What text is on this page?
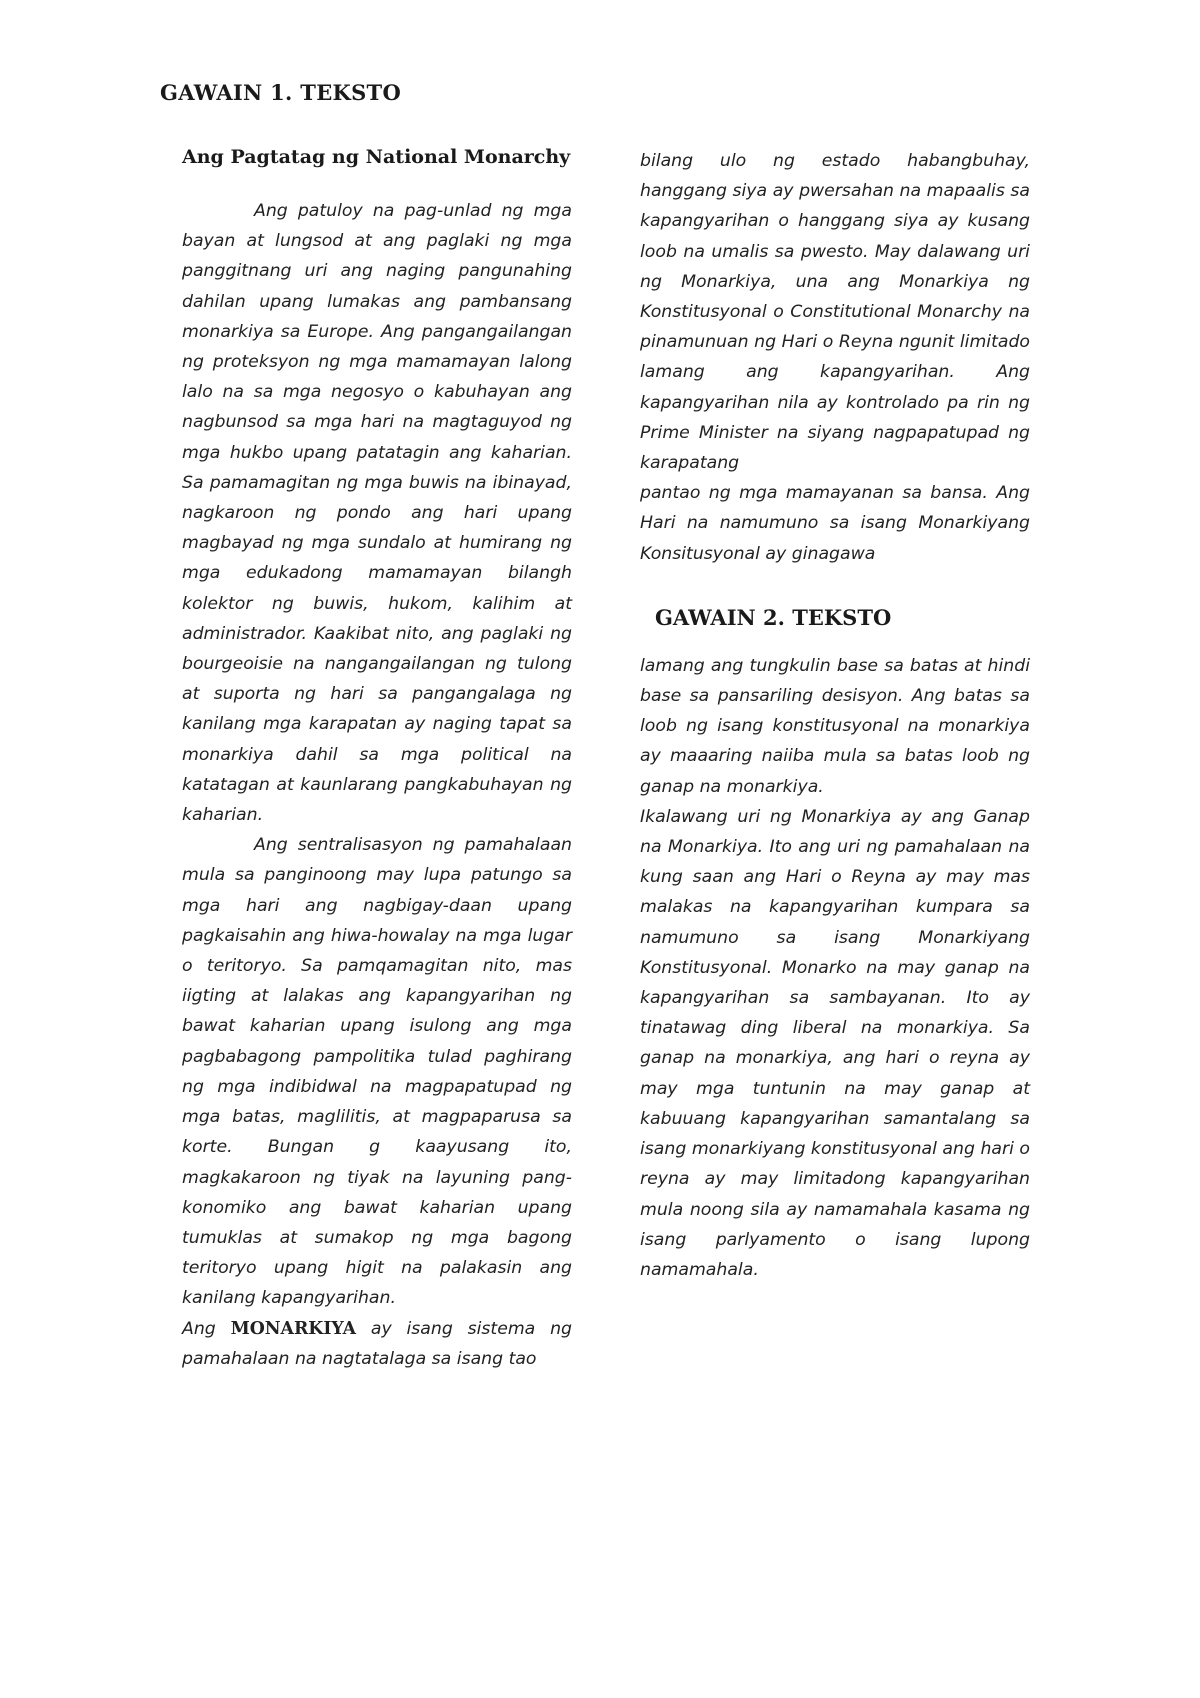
GAWAIN 1. TEKSTO
Ang Pagtatag ng National Monarchy

Ang patuloy na pag-unlad ng mga bayan at lungsod at ang paglaki ng mga panggitnang uri ang naging pangunahing dahilan upang lumakas ang pambansang monarkiya sa Europe. Ang pangangailangan ng proteksyon ng mga mamamayan lalong lalo na sa mga negosyo o kabuhayan ang nagbunsod sa mga hari na magtaguyod ng mga hukbo upang patatagin ang kaharian. Sa pamamagitan ng mga buwis na ibinayad, nagkaroon ng pondo ang hari upang magbayad ng mga sundalo at humirang ng mga edukadong mamamayan bilangh kolektor ng buwis, hukom, kalihim at administrador. Kaakibat nito, ang paglaki ng bourgeoisie na nangangailangan ng tulong at suporta ng hari sa pangangalaga ng kanilang mga karapatan ay naging tapat sa monarkiya dahil sa mga political na katatagan at kaunlarang pangkabuhayan ng kaharian.

Ang sentralisasyon ng pamahalaan mula sa panginoong may lupa patungo sa mga hari ang nagbigay-daan upang pagkaisahin ang hiwa-howalay na mga lugar o teritoryo. Sa pamqamagitan nito, mas iigting at lalakas ang kapangyarihan ng bawat kaharian upang isulong ang mga pagbabagong pampolitika tulad paghirang ng mga indibidwal na magpapatupad ng mga batas, maglilitis, at magpaparusa sa korte. Bungan g kaayusang ito, magkakaroon ng tiyak na layuning pang-konomiko ang bawat kaharian upang tumuklas at sumakop ng mga bagong teritoryo upang higit na palakasin ang kanilang kapangyarihan.

Ang MONARKIYA ay isang sistema ng pamahalaan na nagtatalaga sa isang tao

bilang ulo ng estado habangbuhay, hanggang siya ay pwersahan na mapaalis sa kapangyarihan o hanggang siya ay kusang loob na umalis sa pwesto. May dalawang uri ng Monarkiya, una ang Monarkiya ng Konstitusyonal o Constitutional Monarchy na pinamunuan ng Hari o Reyna ngunit limitado lamang ang kapangyarihan. Ang kapangyarihan nila ay kontrolado pa rin ng Prime Minister na siyang nagpapatupad ng karapatang

pantao ng mga mamayanan sa bansa. Ang Hari na namumuno sa isang Monarkiyang Konsitusyonal ay ginagawa

GAWAIN 2. TEKSTO

lamang ang tungkulin base sa batas at hindi base sa pansariling desisyon. Ang batas sa loob ng isang konstitusyonal na monarkiya ay maaaring naiiba mula sa batas loob ng ganap na monarkiya.

Ikalawang uri ng Monarkiya ay ang Ganap na Monarkiya. Ito ang uri ng pamahalaan na kung saan ang Hari o Reyna ay may mas malakas na kapangyarihan kumpara sa namumuno sa isang Monarkiyang Konstitusyonal. Monarko na may ganap na kapangyarihan sa sambayanan. Ito ay tinatawag ding liberal na monarkiya. Sa ganap na monarkiya, ang hari o reyna ay may mga tuntunin na may ganap at kabuuang kapangyarihan samantalang sa isang monarkiyang konstitusyonal ang hari o reyna ay may limitadong kapangyarihan mula noong sila ay namamahala kasama ng isang parlyamento o isang lupong namamahala.
